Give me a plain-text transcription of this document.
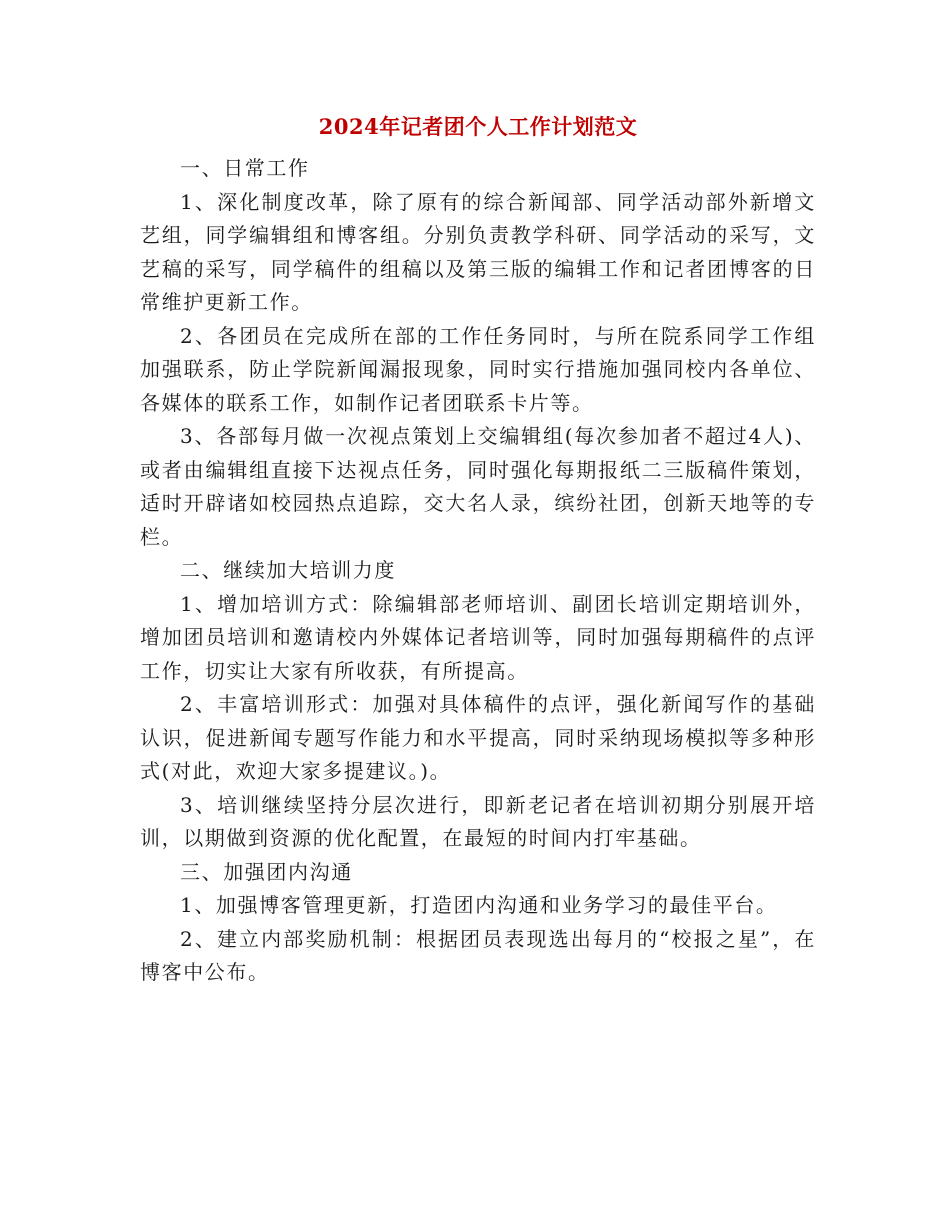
2024年记者团个人工作计划范文

一、日常工作

1、深化制度改革，除了原有的综合新闻部、同学活动部外新增文艺组，同学编辑组和博客组。分别负责教学科研、同学活动的采写，文艺稿的采写，同学稿件的组稿以及第三版的编辑工作和记者团博客的日常维护更新工作。

2、各团员在完成所在部的工作任务同时，与所在院系同学工作组加强联系，防止学院新闻漏报现象，同时实行措施加强同校内各单位、各媒体的联系工作，如制作记者团联系卡片等。

3、各部每月做一次视点策划上交编辑组(每次参加者不超过4人)、或者由编辑组直接下达视点任务，同时强化每期报纸二三版稿件策划，适时开辟诸如校园热点追踪，交大名人录，缤纷社团，创新天地等的专栏。

二、继续加大培训力度

1、增加培训方式：除编辑部老师培训、副团长培训定期培训外，增加团员培训和邀请校内外媒体记者培训等，同时加强每期稿件的点评工作，切实让大家有所收获，有所提高。

2、丰富培训形式：加强对具体稿件的点评，强化新闻写作的基础认识，促进新闻专题写作能力和水平提高，同时采纳现场模拟等多种形式(对此，欢迎大家多提建议。)。

3、培训继续坚持分层次进行，即新老记者在培训初期分别展开培训，以期做到资源的优化配置，在最短的时间内打牢基础。

三、加强团内沟通

1、加强博客管理更新，打造团内沟通和业务学习的最佳平台。

2、建立内部奖励机制：根据团员表现选出每月的“校报之星”，在博客中公布。
